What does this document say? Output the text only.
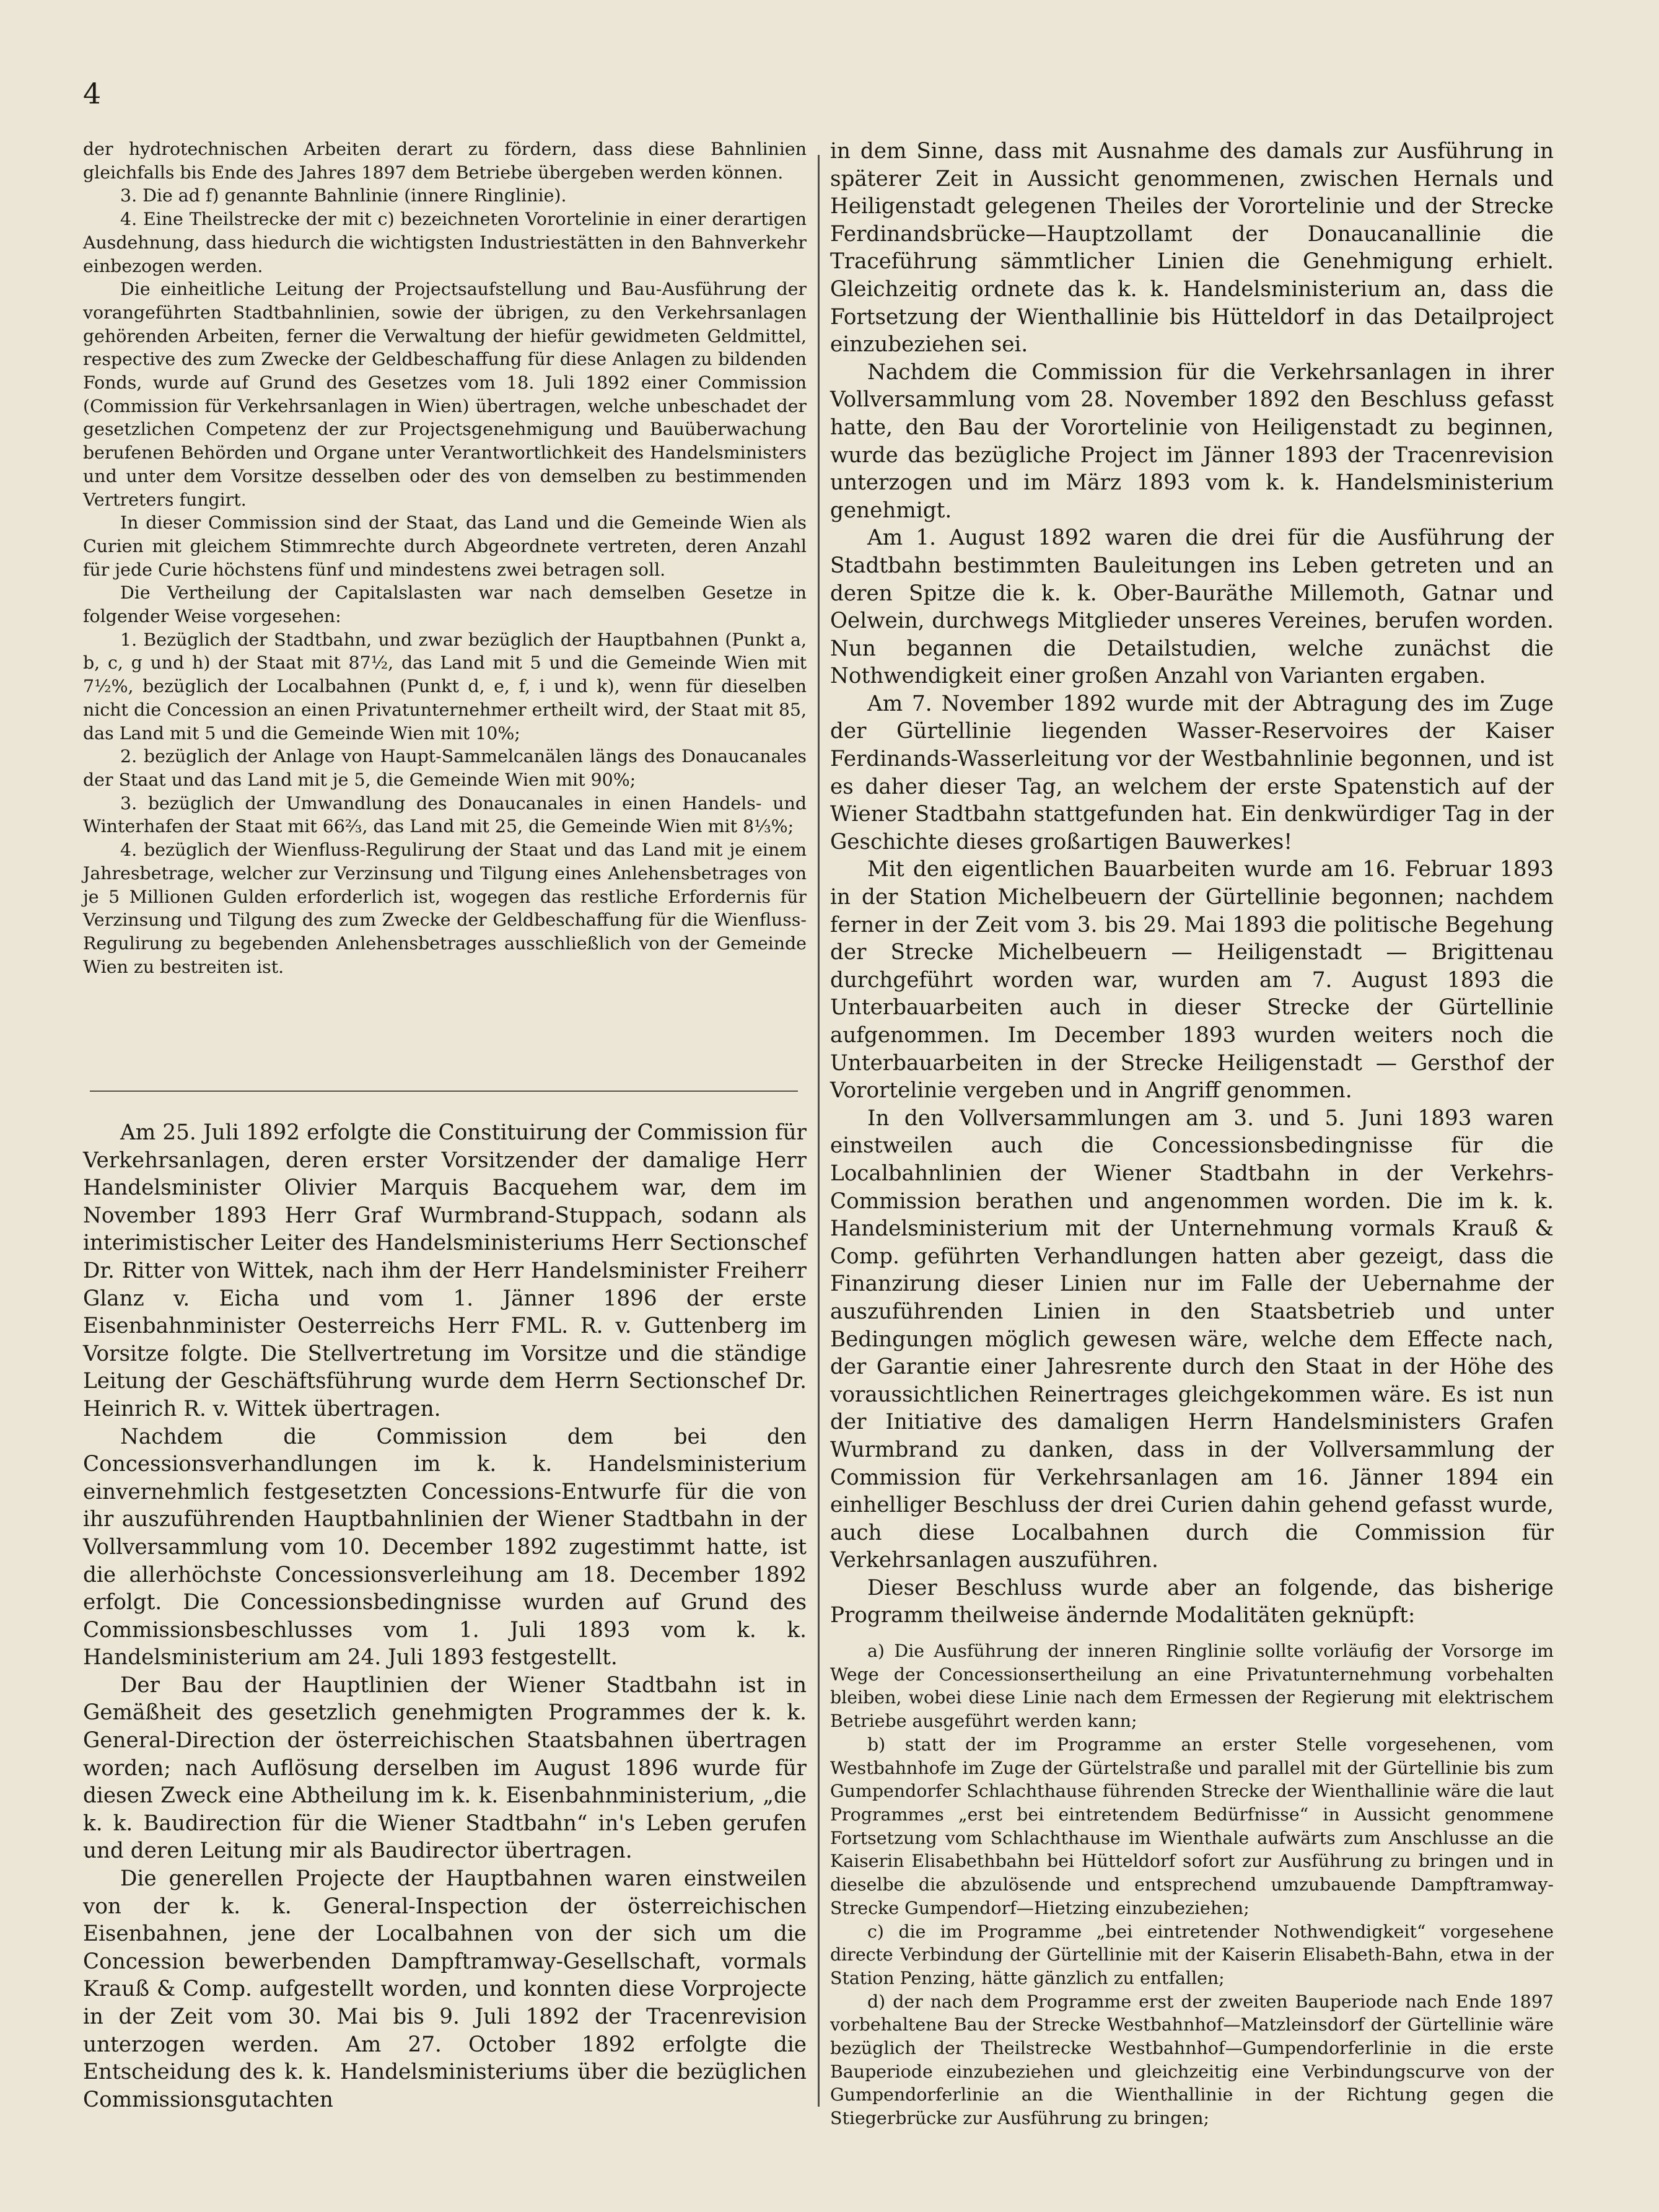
4

der hydrotechnischen Arbeiten derart zu fördern, dass diese Bahnlinien gleichfalls bis Ende des Jahres 1897 dem Betriebe übergeben werden können.

3. Die ad f) genannte Bahnlinie (innere Ringlinie).

4. Eine Theilstrecke der mit c) bezeichneten Vorortelinie in einer derartigen Ausdehnung, dass hiedurch die wichtigsten Industriestätten in den Bahnverkehr einbezogen werden.

Die einheitliche Leitung der Projectsaufstellung und Bau-Ausführung der vorangeführten Stadtbahnlinien, sowie der übrigen, zu den Verkehrsanlagen gehörenden Arbeiten, ferner die Verwaltung der hiefür gewidmeten Geldmittel, respective des zum Zwecke der Geldbeschaffung für diese Anlagen zu bildenden Fonds, wurde auf Grund des Gesetzes vom 18. Juli 1892 einer Commission (Commission für Verkehrsanlagen in Wien) übertragen, welche unbeschadet der gesetzlichen Competenz der zur Projectsgenehmigung und Bauüberwachung berufenen Behörden und Organe unter Verantwortlichkeit des Handelsministers und unter dem Vorsitze desselben oder des von demselben zu bestimmenden Vertreters fungirt.

In dieser Commission sind der Staat, das Land und die Gemeinde Wien als Curien mit gleichem Stimmrechte durch Abgeordnete vertreten, deren Anzahl für jede Curie höchstens fünf und mindestens zwei betragen soll.

Die Vertheilung der Capitalslasten war nach demselben Gesetze in folgender Weise vorgesehen:

1. Bezüglich der Stadtbahn, und zwar bezüglich der Hauptbahnen (Punkt a, b, c, g und h) der Staat mit 87½, das Land mit 5 und die Gemeinde Wien mit 7½%, bezüglich der Localbahnen (Punkt d, e, f, i und k), wenn für dieselben nicht die Concession an einen Privatunternehmer ertheilt wird, der Staat mit 85, das Land mit 5 und die Gemeinde Wien mit 10%;

2. bezüglich der Anlage von Haupt-Sammelcanälen längs des Donaucanales der Staat und das Land mit je 5, die Gemeinde Wien mit 90%;

3. bezüglich der Umwandlung des Donaucanales in einen Handels- und Winterhafen der Staat mit 66⅔, das Land mit 25, die Gemeinde Wien mit 8⅓%;

4. bezüglich der Wienfluss-Regulirung der Staat und das Land mit je einem Jahresbetrage, welcher zur Verzinsung und Tilgung eines Anlehensbetrages von je 5 Millionen Gulden erforderlich ist, wogegen das restliche Erfordernis für Verzinsung und Tilgung des zum Zwecke der Geldbeschaffung für die Wienfluss-Regulirung zu begebenden Anlehensbetrages ausschließlich von der Gemeinde Wien zu bestreiten ist.

Am 25. Juli 1892 erfolgte die Constituirung der Commission für Verkehrsanlagen, deren erster Vorsitzender der damalige Herr Handelsminister Olivier Marquis Bacquehem war, dem im November 1893 Herr Graf Wurmbrand-Stuppach, sodann als interimistischer Leiter des Handelsministeriums Herr Sectionschef Dr. Ritter von Wittek, nach ihm der Herr Handelsminister Freiherr Glanz v. Eicha und vom 1. Jänner 1896 der erste Eisenbahnminister Oesterreichs Herr FML. R. v. Guttenberg im Vorsitze folgte. Die Stellvertretung im Vorsitze und die ständige Leitung der Geschäftsführung wurde dem Herrn Sectionschef Dr. Heinrich R. v. Wittek übertragen.

Nachdem die Commission dem bei den Concessionsverhandlungen im k. k. Handelsministerium einvernehmlich festgesetzten Concessions-Entwurfe für die von ihr auszuführenden Hauptbahnlinien der Wiener Stadtbahn in der Vollversammlung vom 10. December 1892 zugestimmt hatte, ist die allerhöchste Concessionsverleihung am 18. December 1892 erfolgt. Die Concessionsbedingnisse wurden auf Grund des Commissionsbeschlusses vom 1. Juli 1893 vom k. k. Handelsministerium am 24. Juli 1893 festgestellt.

Der Bau der Hauptlinien der Wiener Stadtbahn ist in Gemäßheit des gesetzlich genehmigten Programmes der k. k. General-Direction der österreichischen Staatsbahnen übertragen worden; nach Auflösung derselben im August 1896 wurde für diesen Zweck eine Abtheilung im k. k. Eisenbahnministerium, „die k. k. Baudirection für die Wiener Stadtbahn“ in's Leben gerufen und deren Leitung mir als Baudirector übertragen.

Die generellen Projecte der Hauptbahnen waren einstweilen von der k. k. General-Inspection der österreichischen Eisenbahnen, jene der Localbahnen von der sich um die Concession bewerbenden Dampftramway-Gesellschaft, vormals Krauß & Comp. aufgestellt worden, und konnten diese Vorprojecte in der Zeit vom 30. Mai bis 9. Juli 1892 der Tracenrevision unterzogen werden. Am 27. October 1892 erfolgte die Entscheidung des k. k. Handelsministeriums über die bezüglichen Commissionsgutachten

in dem Sinne, dass mit Ausnahme des damals zur Ausführung in späterer Zeit in Aussicht genommenen, zwischen Hernals und Heiligenstadt gelegenen Theiles der Vorortelinie und der Strecke Ferdinandsbrücke—Hauptzollamt der Donaucanallinie die Traceführung sämmtlicher Linien die Genehmigung erhielt. Gleichzeitig ordnete das k. k. Handelsministerium an, dass die Fortsetzung der Wienthallinie bis Hütteldorf in das Detailproject einzubeziehen sei.

Nachdem die Commission für die Verkehrsanlagen in ihrer Vollversammlung vom 28. November 1892 den Beschluss gefasst hatte, den Bau der Vorortelinie von Heiligenstadt zu beginnen, wurde das bezügliche Project im Jänner 1893 der Tracenrevision unterzogen und im März 1893 vom k. k. Handelsministerium genehmigt.

Am 1. August 1892 waren die drei für die Ausführung der Stadtbahn bestimmten Bauleitungen ins Leben getreten und an deren Spitze die k. k. Ober-Bauräthe Millemoth, Gatnar und Oelwein, durchwegs Mitglieder unseres Vereines, berufen worden. Nun begannen die Detailstudien, welche zunächst die Nothwendigkeit einer großen Anzahl von Varianten ergaben.

Am 7. November 1892 wurde mit der Abtragung des im Zuge der Gürtellinie liegenden Wasser-Reservoires der Kaiser Ferdinands-Wasserleitung vor der Westbahnlinie begonnen, und ist es daher dieser Tag, an welchem der erste Spatenstich auf der Wiener Stadtbahn stattgefunden hat. Ein denkwürdiger Tag in der Geschichte dieses großartigen Bauwerkes!

Mit den eigentlichen Bauarbeiten wurde am 16. Februar 1893 in der Station Michelbeuern der Gürtellinie begonnen; nachdem ferner in der Zeit vom 3. bis 29. Mai 1893 die politische Begehung der Strecke Michelbeuern — Heiligenstadt — Brigittenau durchgeführt worden war, wurden am 7. August 1893 die Unterbauarbeiten auch in dieser Strecke der Gürtellinie aufgenommen. Im December 1893 wurden weiters noch die Unterbauarbeiten in der Strecke Heiligenstadt — Gersthof der Vorortelinie vergeben und in Angriff genommen.

In den Vollversammlungen am 3. und 5. Juni 1893 waren einstweilen auch die Concessionsbedingnisse für die Localbahnlinien der Wiener Stadtbahn in der Verkehrs-Commission berathen und angenommen worden. Die im k. k. Handelsministerium mit der Unternehmung vormals Krauß & Comp. geführten Verhandlungen hatten aber gezeigt, dass die Finanzirung dieser Linien nur im Falle der Uebernahme der auszuführenden Linien in den Staatsbetrieb und unter Bedingungen möglich gewesen wäre, welche dem Effecte nach, der Garantie einer Jahresrente durch den Staat in der Höhe des voraussichtlichen Reinertrages gleichgekommen wäre. Es ist nun der Initiative des damaligen Herrn Handelsministers Grafen Wurmbrand zu danken, dass in der Vollversammlung der Commission für Verkehrsanlagen am 16. Jänner 1894 ein einhelliger Beschluss der drei Curien dahin gehend gefasst wurde, auch diese Localbahnen durch die Commission für Verkehrsanlagen auszuführen.

Dieser Beschluss wurde aber an folgende, das bisherige Programm theilweise ändernde Modalitäten geknüpft:

a) Die Ausführung der inneren Ringlinie sollte vorläufig der Vorsorge im Wege der Concessionsertheilung an eine Privatunternehmung vorbehalten bleiben, wobei diese Linie nach dem Ermessen der Regierung mit elektrischem Betriebe ausgeführt werden kann;

b) statt der im Programme an erster Stelle vorgesehenen, vom Westbahnhofe im Zuge der Gürtelstraße und parallel mit der Gürtellinie bis zum Gumpendorfer Schlachthause führenden Strecke der Wienthallinie wäre die laut Programmes „erst bei eintretendem Bedürfnisse“ in Aussicht genommene Fortsetzung vom Schlachthause im Wienthale aufwärts zum Anschlusse an die Kaiserin Elisabethbahn bei Hütteldorf sofort zur Ausführung zu bringen und in dieselbe die abzulösende und entsprechend umzubauende Dampftramway-Strecke Gumpendorf—Hietzing einzubeziehen;

c) die im Programme „bei eintretender Nothwendigkeit“ vorgesehene directe Verbindung der Gürtellinie mit der Kaiserin Elisabeth-Bahn, etwa in der Station Penzing, hätte gänzlich zu entfallen;

d) der nach dem Programme erst der zweiten Bauperiode nach Ende 1897 vorbehaltene Bau der Strecke Westbahnhof—Matzleinsdorf der Gürtellinie wäre bezüglich der Theilstrecke Westbahnhof—Gumpendorferlinie in die erste Bauperiode einzubeziehen und gleichzeitig eine Verbindungscurve von der Gumpendorferlinie an die Wienthallinie in der Richtung gegen die Stiegerbrücke zur Ausführung zu bringen;
